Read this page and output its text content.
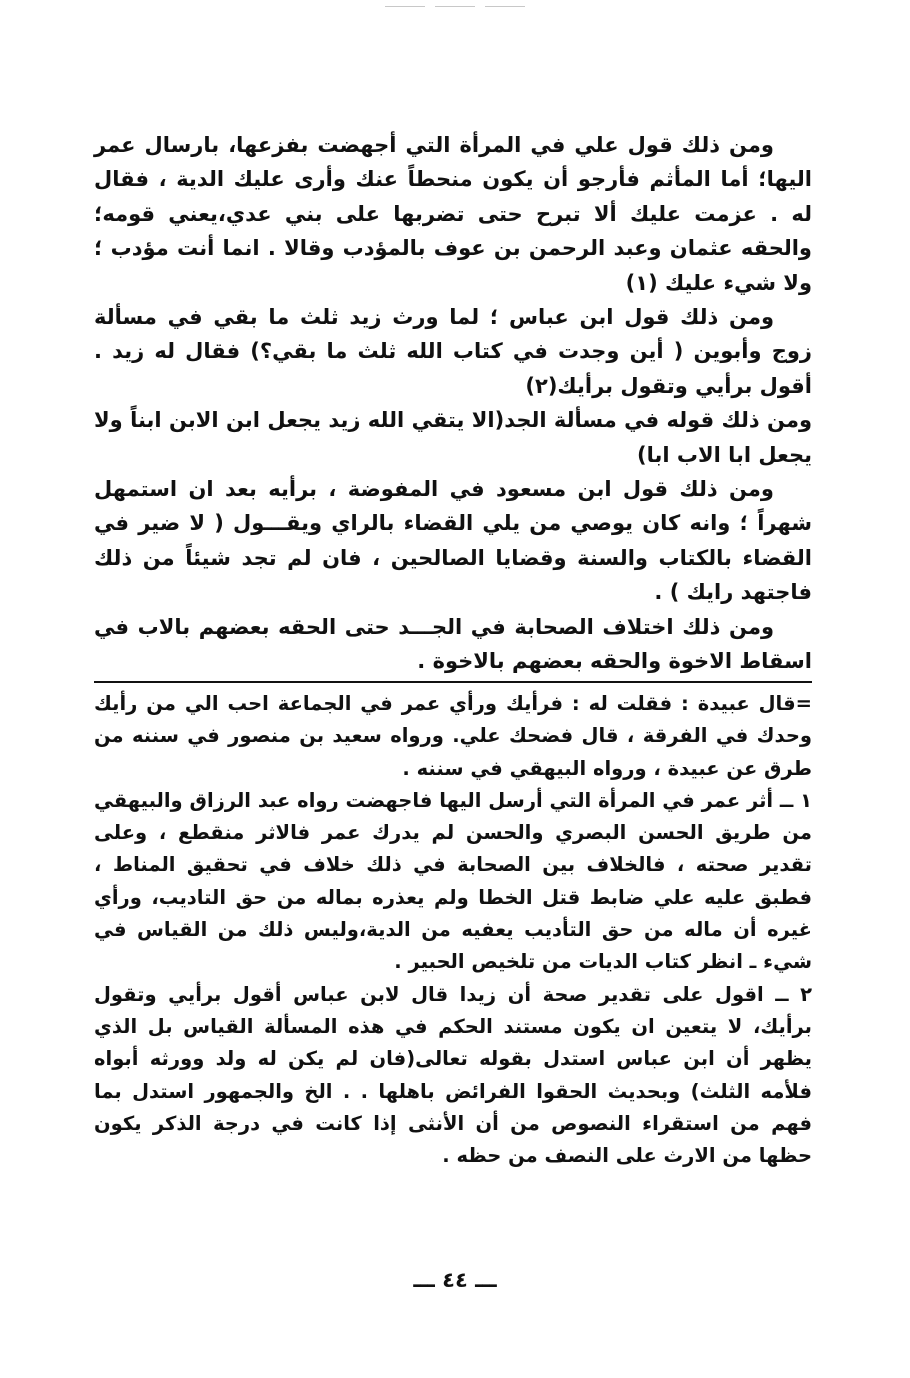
ومن ذلك قول علي في المرأة التي أجهضت بفزعها، بارسال عمر اليها؛ أما المأثم فأرجو أن يكون منحطاً عنك وأرى عليك الدية ، فقال له . عزمت عليك ألا تبرح حتى تضربها على بني عدي،يعني قومه؛ والحقه عثمان وعبد الرحمن بن عوف بالمؤدب وقالا . انما أنت مؤدب ؛ ولا شيء عليك (١)

ومن ذلك قول ابن عباس ؛ لما ورث زيد ثلث ما بقي في مسألة زوج وأبوين ( أين وجدت في كتاب الله ثلث ما بقي؟) فقال له زيد . أقول برأيي وتقول برأيك(٢)

ومن ذلك قوله في مسألة الجد(الا يتقي الله زيد يجعل ابن الابن ابناً ولا يجعل ابا الاب ابا)

ومن ذلك قول ابن مسعود في المفوضة ، برأيه بعد ان استمهل شهراً ؛ وانه كان يوصي من يلي القضاء بالراي ويقـــول ( لا ضير في القضاء بالكتاب والسنة وقضايا الصالحين ، فان لم تجد شيئاً من ذلك فاجتهد رايك ) .

ومن ذلك اختلاف الصحابة في الجـــد حتى الحقه بعضهم بالاب في اسقاط الاخوة والحقه بعضهم بالاخوة .

=قال عبيدة : فقلت له : فرأيك ورأي عمر في الجماعة احب الي من رأيك وحدك في الفرقة ، قال فضحك علي. ورواه سعيد بن منصور في سننه من طرق عن عبيدة ، ورواه البيهقي في سننه .

١ ــ أثر عمر في المرأة التي أرسل اليها فاجهضت رواه عبد الرزاق والبيهقي من طريق الحسن البصري والحسن لم يدرك عمر فالاثر منقطع ، وعلى تقدير صحته ، فالخلاف بين الصحابة في ذلك خلاف في تحقيق المناط ، فطبق عليه علي ضابط قتل الخطا ولم يعذره بماله من حق التاديب، ورأي غيره أن ماله من حق التأديب يعفيه من الدية،وليس ذلك من القياس في شيء ـ انظر كتاب الديات من تلخيص الحبير .

٢ ــ اقول على تقدير صحة أن زيدا قال لابن عباس أقول برأيي وتقول برأيك، لا يتعين ان يكون مستند الحكم في هذه المسألة القياس بل الذي يظهر أن ابن عباس استدل بقوله تعالى(فان لم يكن له ولد وورثه أبواه فلأمه الثلث) وبحديث الحقوا الفرائض باهلها . . الخ والجمهور استدل بما فهم من استقراء النصوص من أن الأنثى إذا كانت في درجة الذكر يكون حظها من الارث على النصف من حظه .

ـــ ٤٤ ـــ
